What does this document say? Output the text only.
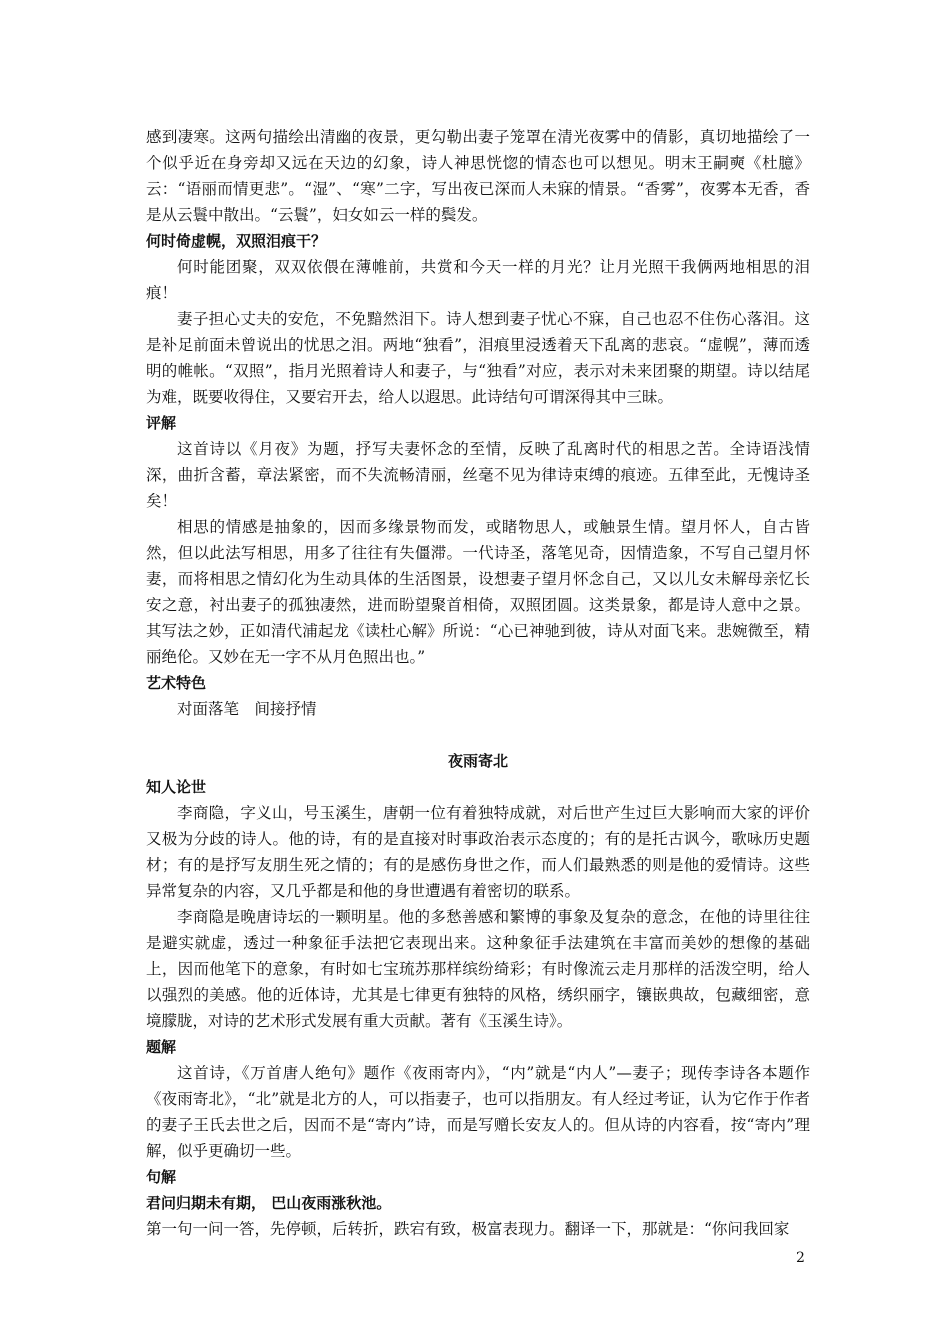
感到凄寒。这两句描绘出清幽的夜景，更勾勒出妻子笼罩在清光夜雾中的倩影，真切地描绘了一个似乎近在身旁却又远在天边的幻象，诗人神思恍惚的情态也可以想见。明末王嗣奭《杜臆》云：“语丽而情更悲”。“湿”、“寒”二字，写出夜已深而人未寐的情景。“香雾”，夜雾本无香，香是从云鬟中散出。“云鬟”，妇女如云一样的鬓发。

何时倚虚幌，双照泪痕干？

何时能团聚，双双依偎在薄帷前，共赏和今天一样的月光？让月光照干我俩两地相思的泪痕！

妻子担心丈夫的安危，不免黯然泪下。诗人想到妻子忧心不寐，自己也忍不住伤心落泪。这是补足前面未曾说出的忧思之泪。两地“独看”，泪痕里浸透着天下乱离的悲哀。“虚幌”，薄而透明的帷帐。“双照”，指月光照着诗人和妻子，与“独看”对应，表示对未来团聚的期望。诗以结尾为难，既要收得住，又要宕开去，给人以遐思。此诗结句可谓深得其中三昧。

评解

这首诗以《月夜》为题，抒写夫妻怀念的至情，反映了乱离时代的相思之苦。全诗语浅情深，曲折含蓄，章法紧密，而不失流畅清丽，丝毫不见为律诗束缚的痕迹。五律至此，无愧诗圣矣！

相思的情感是抽象的，因而多缘景物而发，或睹物思人，或触景生情。望月怀人，自古皆然，但以此法写相思，用多了往往有失僵滞。一代诗圣，落笔见奇，因情造象，不写自己望月怀妻，而将相思之情幻化为生动具体的生活图景，设想妻子望月怀念自己，又以儿女未解母亲忆长安之意，衬出妻子的孤独凄然，进而盼望聚首相倚，双照团圆。这类景象，都是诗人意中之景。其写法之妙，正如清代浦起龙《读杜心解》所说：“心已神驰到彼，诗从对面飞来。悲婉微至，精丽绝伦。又妙在无一字不从月色照出也。”

艺术特色

对面落笔　间接抒情

夜雨寄北

知人论世

李商隐，字义山，号玉溪生，唐朝一位有着独特成就，对后世产生过巨大影响而大家的评价又极为分歧的诗人。他的诗，有的是直接对时事政治表示态度的；有的是托古讽今，歌咏历史题材；有的是抒写友朋生死之情的；有的是感伤身世之作，而人们最熟悉的则是他的爱情诗。这些异常复杂的内容，又几乎都是和他的身世遭遇有着密切的联系。

李商隐是晚唐诗坛的一颗明星。他的多愁善感和繁博的事象及复杂的意念，在他的诗里往往是避实就虚，透过一种象征手法把它表现出来。这种象征手法建筑在丰富而美妙的想像的基础上，因而他笔下的意象，有时如七宝琉苏那样缤纷绮彩；有时像流云走月那样的活泼空明，给人以强烈的美感。他的近体诗，尤其是七律更有独特的风格，绣织丽字，镶嵌典故，包藏细密，意境朦胧，对诗的艺术形式发展有重大贡献。著有《玉溪生诗》。

题解

这首诗，《万首唐人绝句》题作《夜雨寄内》，“内”就是“内人”—妻子；现传李诗各本题作《夜雨寄北》，“北”就是北方的人，可以指妻子，也可以指朋友。有人经过考证，认为它作于作者的妻子王氏去世之后，因而不是“寄内”诗，而是写赠长安友人的。但从诗的内容看，按“寄内”理解，似乎更确切一些。

句解

君问归期未有期， 巴山夜雨涨秋池。

第一句一问一答，先停顿，后转折，跌宕有致，极富表现力。翻译一下，那就是：“你问我回家

2
